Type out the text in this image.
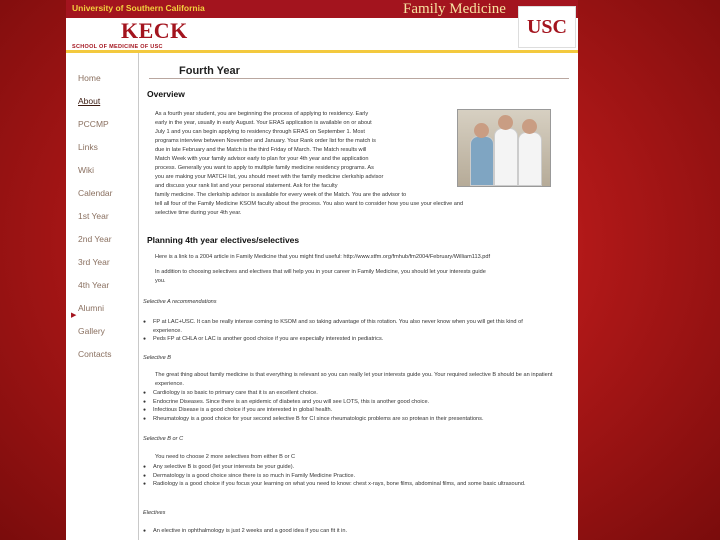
University of Southern California	Family Medicine
KECK
SCHOOL OF MEDICINE OF USC
USC
Home
About
PCCMP
Links
Wiki
Calendar
1st Year
2nd Year
▶
3rd Year
4th Year
Alumni
Gallery
Contacts
Fourth Year
Overview
As a fourth year student, you are beginning the process of applying to residency. Early
early in the year, usually in early August. Your ERAS application is available on or about
July 1 and you can begin applying to residency through ERAS on September 1. Most
programs interview between November and January. Your Rank order list for the match is
due in late February and the Match is the third Friday of March. The Match results will
Match Week with your family advisor early to plan for your 4th year and the application
process. Generally you want to apply to multiple family medicine residency programs. As
you are making your MATCH list, you should meet with the family medicine clerkship advisor
and discuss your rank list and your personal statement. Ask for the faculty
family medicine. The clerkship advisor is available for every week of the Match. You are the advisor to
tell all four of the Family Medicine KSOM faculty about the process. You also want to consider how you use your elective and
selective time during your 4th year.
Planning 4th year electives/selectives
Here is a link to a 2004 article in Family Medicine that you might find useful: http://www.stfm.org/fmhub/fm2004/February/William113.pdf
In addition to choosing selectives and electives that will help you in your career in Family Medicine, you should let your interests guide
you.
Selective A recommendations
● FP at LAC+USC. It can be really intense coming to KSOM and so taking advantage of this rotation. You also never know when you will get this kind of experience.
● Peds FP at CHLA or LAC is another good choice if you are especially interested in pediatrics.
Selective B
The great thing about family medicine is that everything is relevant so you can really let your interests guide you. Your required selective B should be an inpatient experience.
● Cardiology is so basic to primary care that it is an excellent choice.
● Endocrine Diseases. Since there is an epidemic of diabetes and you will see LOTS, this is another good choice.
● Infectious Disease is a good choice if you are interested in global health.
● Rheumatology is a good choice for your second selective B for CI since rheumatologic problems are so protean in their presentations.
Selective B or C
You need to choose 2 more selectives from either B or C
● Any selective B is good (let your interests be your guide).
● Dermatology is a good choice since there is so much in Family Medicine Practice.
● Radiology is a good choice if you focus your learning on what you need to know: chest x-rays, bone films, abdominal films, and some basic ultrasound.
Electives
● An elective in ophthalmology is just 2 weeks and a good idea if you can fit it in.
